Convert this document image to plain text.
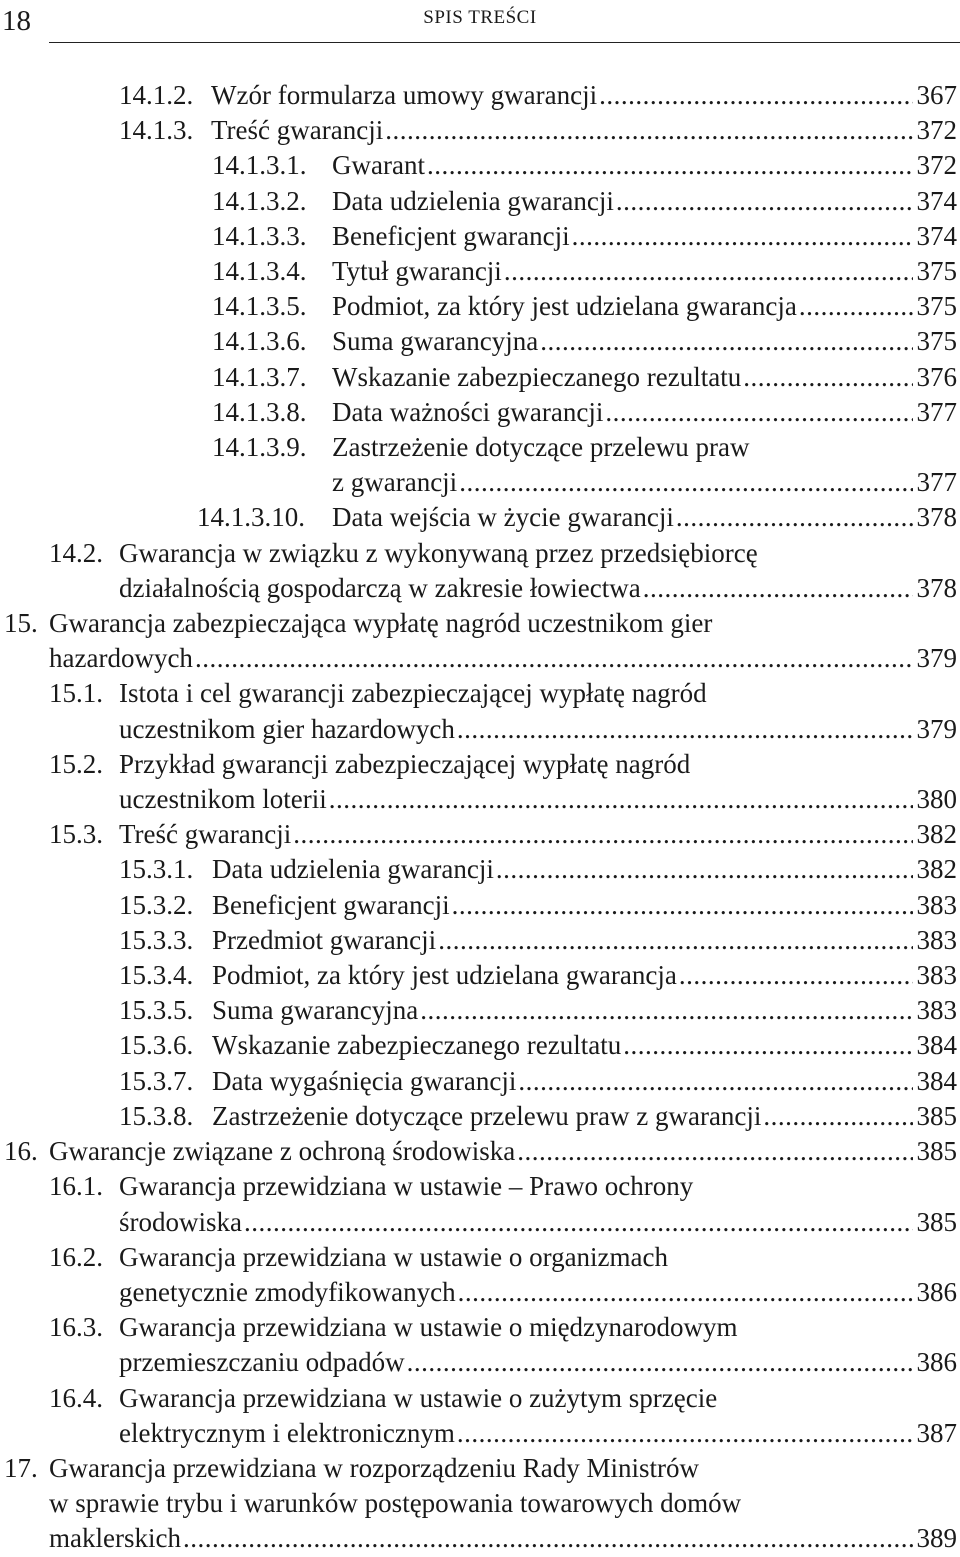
18	SPIS TREŚCI
14.1.2. Wzór formularza umowy gwarancji .....	367
14.1.3. Treść gwarancji .....	372
14.1.3.1. Gwarant .....	372
14.1.3.2. Data udzielenia gwarancji .....	374
14.1.3.3. Beneficjent gwarancji .....	374
14.1.3.4. Tytuł gwarancji .....	375
14.1.3.5. Podmiot, za który jest udzielana gwarancja .....	375
14.1.3.6. Suma gwarancyjna .....	375
14.1.3.7. Wskazanie zabezpieczanego rezultatu .....	376
14.1.3.8. Data ważności gwarancji .....	377
14.1.3.9. Zastrzeżenie dotyczące przelewu praw
z gwarancji .....	377
14.1.3.10.	Data wejścia w życie gwarancji .....	378
14.2. Gwarancja w związku z wykonywaną przez przedsiębiorcę
działalnością gospodarczą w zakresie łowiectwa .....	378
15. Gwarancja zabezpieczająca wypłatę nagród uczestnikom gier
hazardowych .....	379
15.1. Istota i cel gwarancji zabezpieczającej wypłatę nagród
uczestnikom gier hazardowych .....	379
15.2. Przykład gwarancji zabezpieczającej wypłatę nagród
uczestnikom loterii .....	380
15.3. Treść gwarancji .....	382
15.3.1. Data udzielenia gwarancji .....	382
15.3.2. Beneficjent gwarancji .....	383
15.3.3. Przedmiot gwarancji .....	383
15.3.4. Podmiot, za który jest udzielana gwarancja .....	383
15.3.5. Suma gwarancyjna .....	383
15.3.6. Wskazanie zabezpieczanego rezultatu .....	384
15.3.7. Data wygaśnięcia gwarancji .....	384
15.3.8. Zastrzeżenie dotyczące przelewu praw z gwarancji .....	385
16. Gwarancje związane z ochroną środowiska .....	385
16.1. Gwarancja przewidziana w ustawie – Prawo ochrony
środowiska .....	385
16.2. Gwarancja przewidziana w ustawie o organizmach
genetycznie zmodyfikowanych .....	386
16.3. Gwarancja przewidziana w ustawie o międzynarodowym
przemieszczaniu odpadów .....	386
16.4. Gwarancja przewidziana w ustawie o zużytym sprzęcie
elektrycznym i elektronicznym .....	387
17. Gwarancja przewidziana w rozporządzeniu Rady Ministrów
w sprawie trybu i warunków postępowania towarowych domów
maklerskich .....	389
